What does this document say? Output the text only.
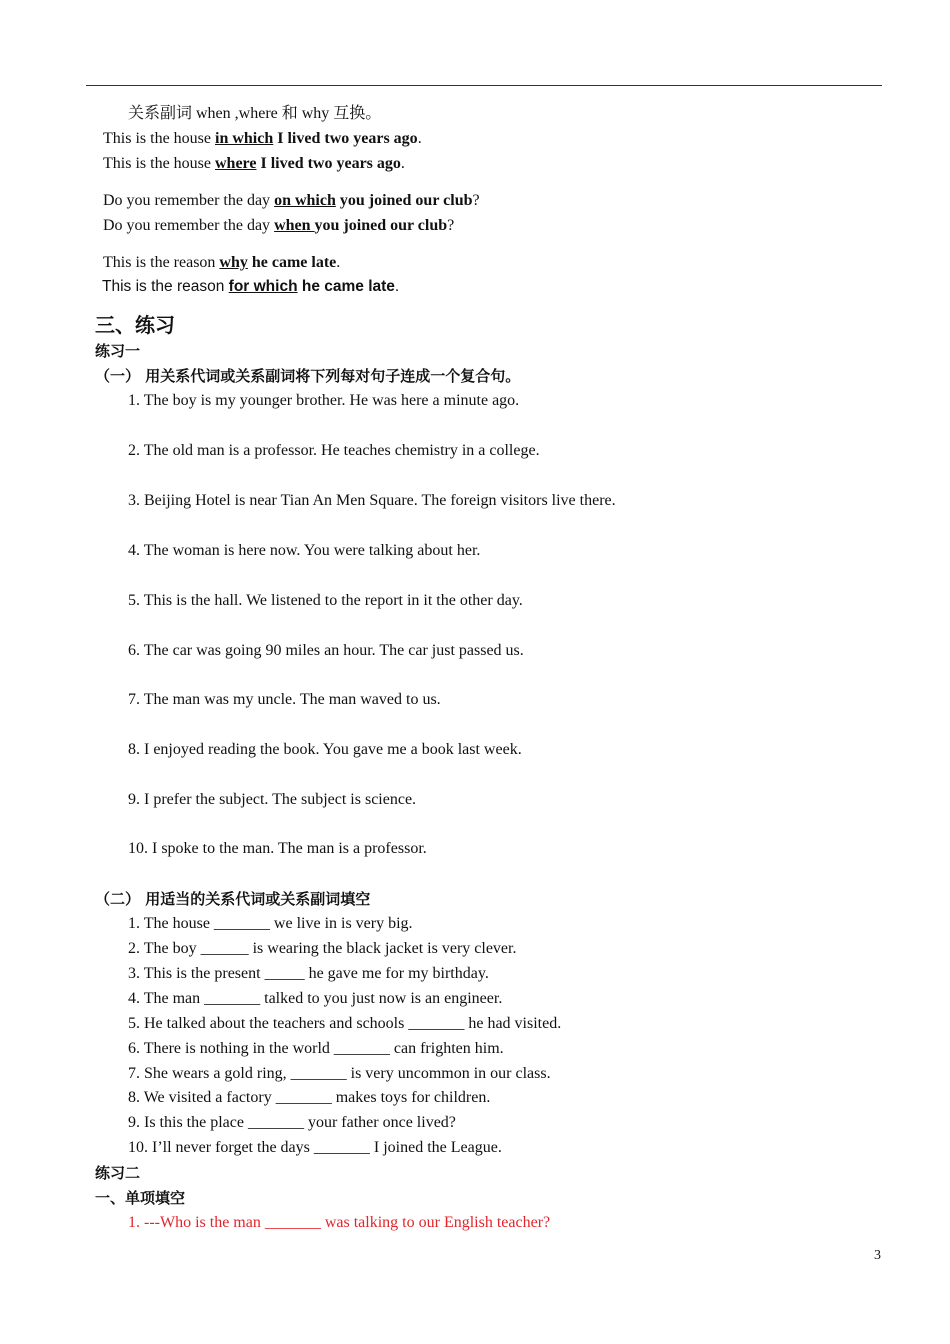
关系副词 when ,where 和 why 互换。
This is the house in which I lived two years ago.
This is the house where I lived two years ago.
Do you remember the day on which you joined our club?
Do you remember the day when you joined our club?
This is the reason why he came late.
This is the reason for which he came late.
三、练习
练习一
（一） 用关系代词或关系副词将下列每对句子连成一个复合句。
1. The boy is my younger brother. He was here a minute ago.
2. The old man is a professor. He teaches chemistry in a college.
3. Beijing Hotel is near Tian An Men Square. The foreign visitors live there.
4. The woman is here now. You were talking about her.
5. This is the hall. We listened to the report in it the other day.
6. The car was going 90 miles an hour. The car just passed us.
7. The man was my uncle. The man waved to us.
8. I enjoyed reading the book. You gave me a book last week.
9. I prefer the subject. The subject is science.
10. I spoke to the man. The man is a professor.
（二） 用适当的关系代词或关系副词填空
1. The house _______ we live in is very big.
2. The boy ______ is wearing the black jacket is very clever.
3. This is the present _____ he gave me for my birthday.
4. The man _______ talked to you just now is an engineer.
5. He talked about the teachers and schools _______ he had visited.
6. There is nothing in the world _______ can frighten him.
7. She wears a gold ring, _______ is very uncommon in our class.
8. We visited a factory _______ makes toys for children.
9. Is this the place _______ your father once lived?
10. I’ll never forget the days _______ I joined the League.
练习二
一、单项填空
1. ---Who is the man _______ was talking to our English teacher?
3
